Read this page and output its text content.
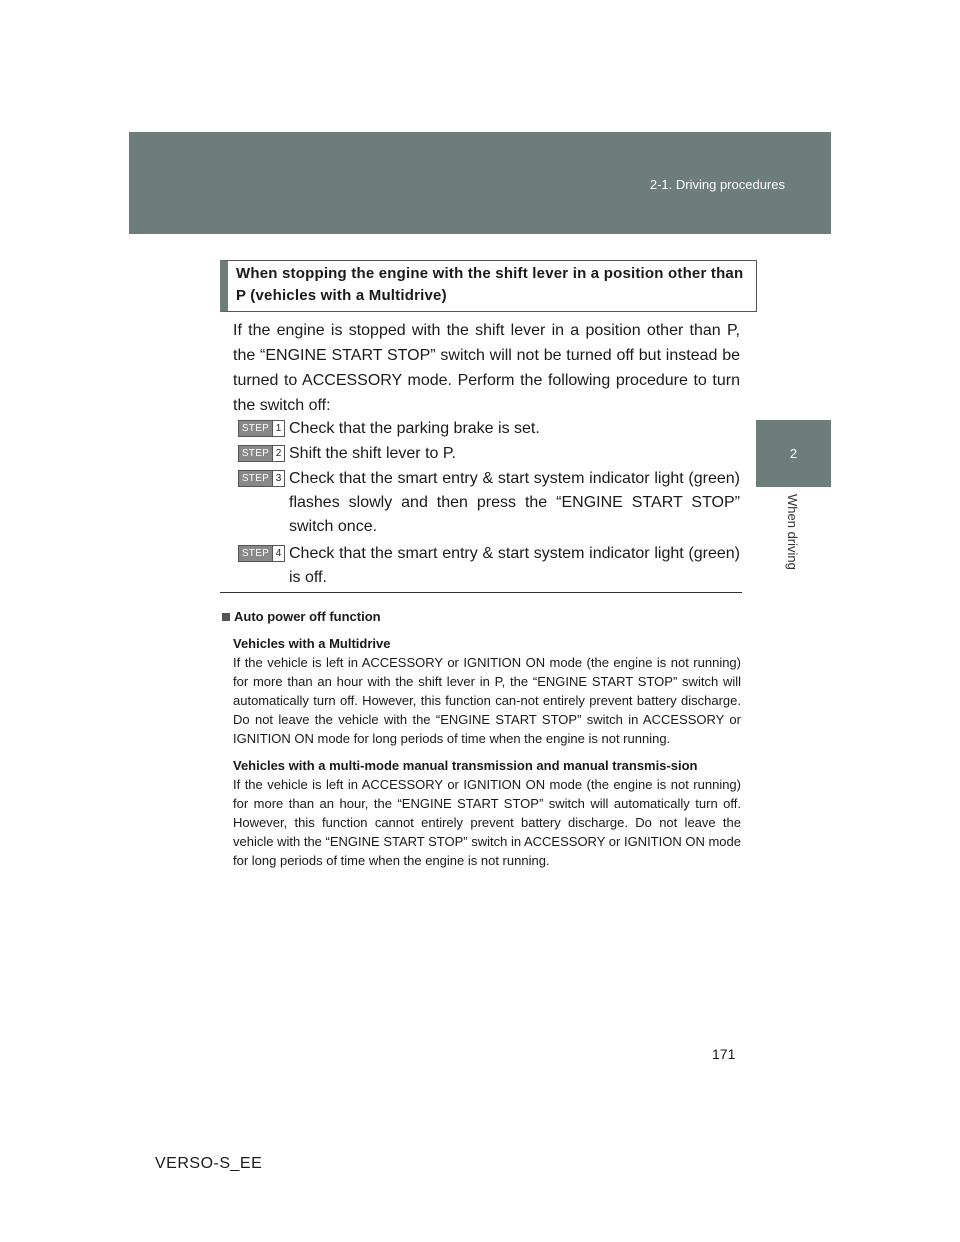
2-1. Driving procedures
2
When driving
When stopping the engine with the shift lever in a position other than P (vehicles with a Multidrive)

If the engine is stopped with the shift lever in a position other than P, the “ENGINE START STOP” switch will not be turned off but instead be turned to ACCESSORY mode. Perform the following procedure to turn the switch off:

STEP 1 Check that the parking brake is set.
STEP 2 Shift the shift lever to P.
STEP 3 Check that the smart entry & start system indicator light (green) flashes slowly and then press the “ENGINE START STOP” switch once.
STEP 4 Check that the smart entry & start system indicator light (green) is off.

Auto power off function

Vehicles with a Multidrive

If the vehicle is left in ACCESSORY or IGNITION ON mode (the engine is not running) for more than an hour with the shift lever in P, the “ENGINE START STOP” switch will automatically turn off. However, this function can-not entirely prevent battery discharge. Do not leave the vehicle with the “ENGINE START STOP” switch in ACCESSORY or IGNITION ON mode for long periods of time when the engine is not running.

Vehicles with a multi-mode manual transmission and manual transmis-sion

If the vehicle is left in ACCESSORY or IGNITION ON mode (the engine is not running) for more than an hour, the “ENGINE START STOP” switch will automatically turn off. However, this function cannot entirely prevent battery discharge. Do not leave the vehicle with the “ENGINE START STOP” switch in ACCESSORY or IGNITION ON mode for long periods of time when the engine is not running.

171
VERSO-S_EE
